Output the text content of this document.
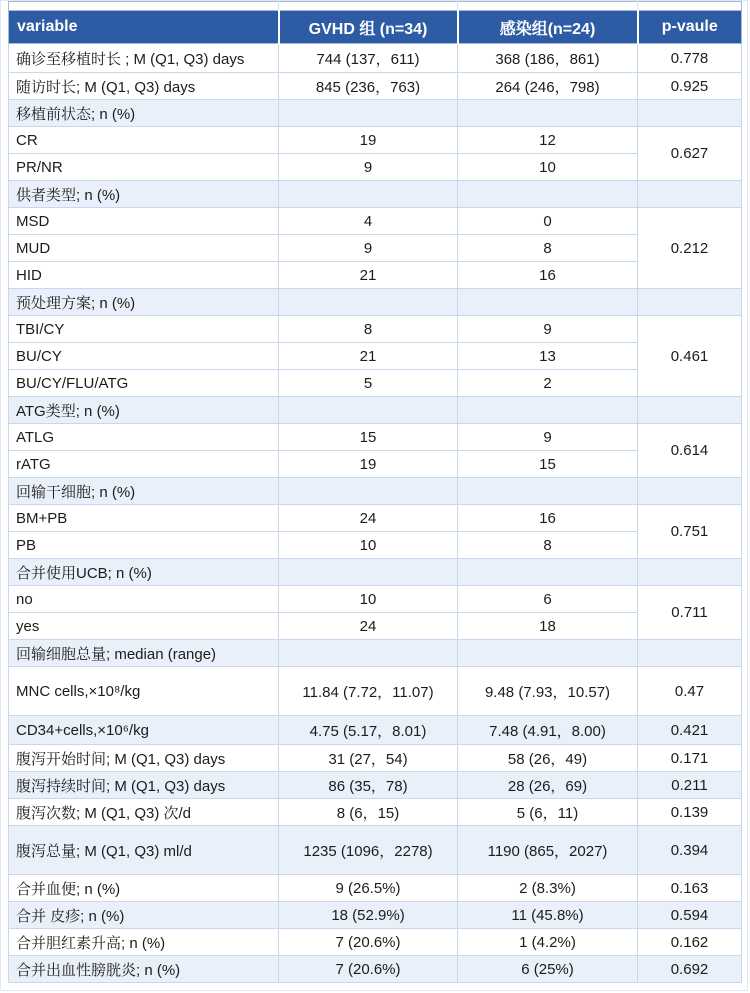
variable	GVHD 组 (n=34)	感染组(n=24)	p-vaule
确诊至移植时长 ; M (Q1, Q3) days	744 (137，611)	368 (186，861)	0.778
随访时长; M (Q1, Q3) days	845 (236，763)	264 (246，798)	0.925
移植前状态; n (%)			
CR	19	12	0.627
PR/NR	9	10	
供者类型; n (%)			
MSD	4	0	0.212
MUD	9	8	
HID	21	16	
预处理方案; n (%)			
TBI/CY	8	9	0.461
BU/CY	21	13	
BU/CY/FLU/ATG	5	2	
ATG类型; n (%)			
ATLG	15	9	0.614
rATG	19	15	
回输干细胞; n (%)			
BM+PB	24	16	0.751
PB	10	8	
合并使用UCB; n (%)			
no	10	6	0.711
yes	24	18	
回输细胞总量; median (range)			
MNC cells,×10⁸/kg	11.84 (7.72，11.07)	9.48 (7.93，10.57)	0.47
CD34+cells,×10⁶/kg	4.75 (5.17，8.01)	7.48 (4.91，8.00)	0.421
腹泻开始时间; M (Q1, Q3) days	31 (27，54)	58 (26，49)	0.171
腹泻持续时间; M (Q1, Q3) days	86 (35，78)	28 (26，69)	0.211
腹泻次数; M (Q1, Q3) 次/d	8 (6，15)	5 (6，11)	0.139
腹泻总量; M (Q1, Q3) ml/d	1235 (1096，2278)	1190 (865，2027)	0.394
合并血便; n (%)	9 (26.5%)	2 (8.3%)	0.163
合并 皮疹; n (%)	18 (52.9%)	11 (45.8%)	0.594
合并胆红素升高; n (%)	7 (20.6%)	1 (4.2%)	0.162
合并出血性膀胱炎; n (%)	7 (20.6%)	6 (25%)	0.692
